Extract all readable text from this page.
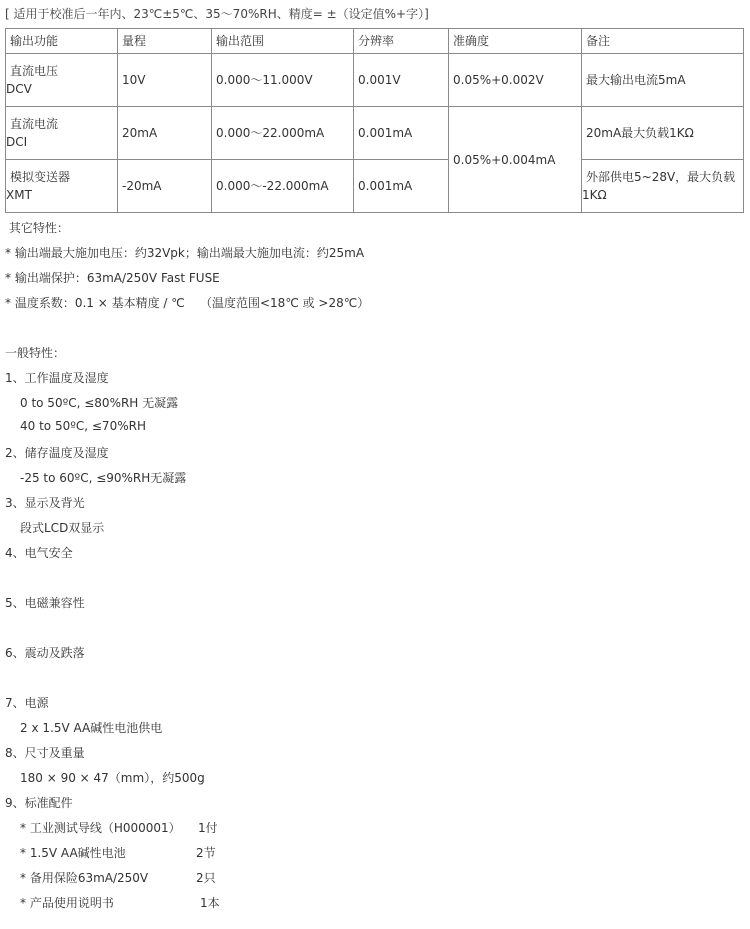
[ 适用于校准后一年内、23℃±5℃、35～70%RH、精度= ±（设定值%+字）]
输出功能	量程	输出范围	分辨率	准确度	备注

直流电压
DCV	10V	0.000～11.000V	0.001V	0.05%+0.002V	最大输出电流5mA

直流电流
DCI	20mA	0.000～22.000mA	0.001mA	0.05%+0.004mA	20mA最大负载1KΩ

模拟变送器
XMT	-20mA	0.000～-22.000mA	0.001mA		外部供电5~28V，最大负载
1KΩ
其它特性：
* 输出端最大施加电压：约32Vpk；输出端最大施加电流：约25mA
* 输出端保护：63mA/250V Fast FUSE
* 温度系数：0.1 × 基本精度 / ℃    （温度范围<18℃ 或 >28℃）
一般特性：
1、工作温度及湿度
0 to 50ºC, ≤80%RH 无凝露
40 to 50ºC, ≤70%RH
2、储存温度及湿度
-25 to 60ºC, ≤90%RH无凝露
3、显示及背光
段式LCD双显示
4、电气安全
5、电磁兼容性
6、震动及跌落
7、电源
2 x 1.5V AA碱性电池供电
8、尺寸及重量
180 × 90 × 47（mm），约500g
9、标准配件
* 工业测试导线（H000001） 1付
* 1.5V AA碱性电池	2节
* 备用保险63mA/250V	2只
* 产品使用说明书	1本
